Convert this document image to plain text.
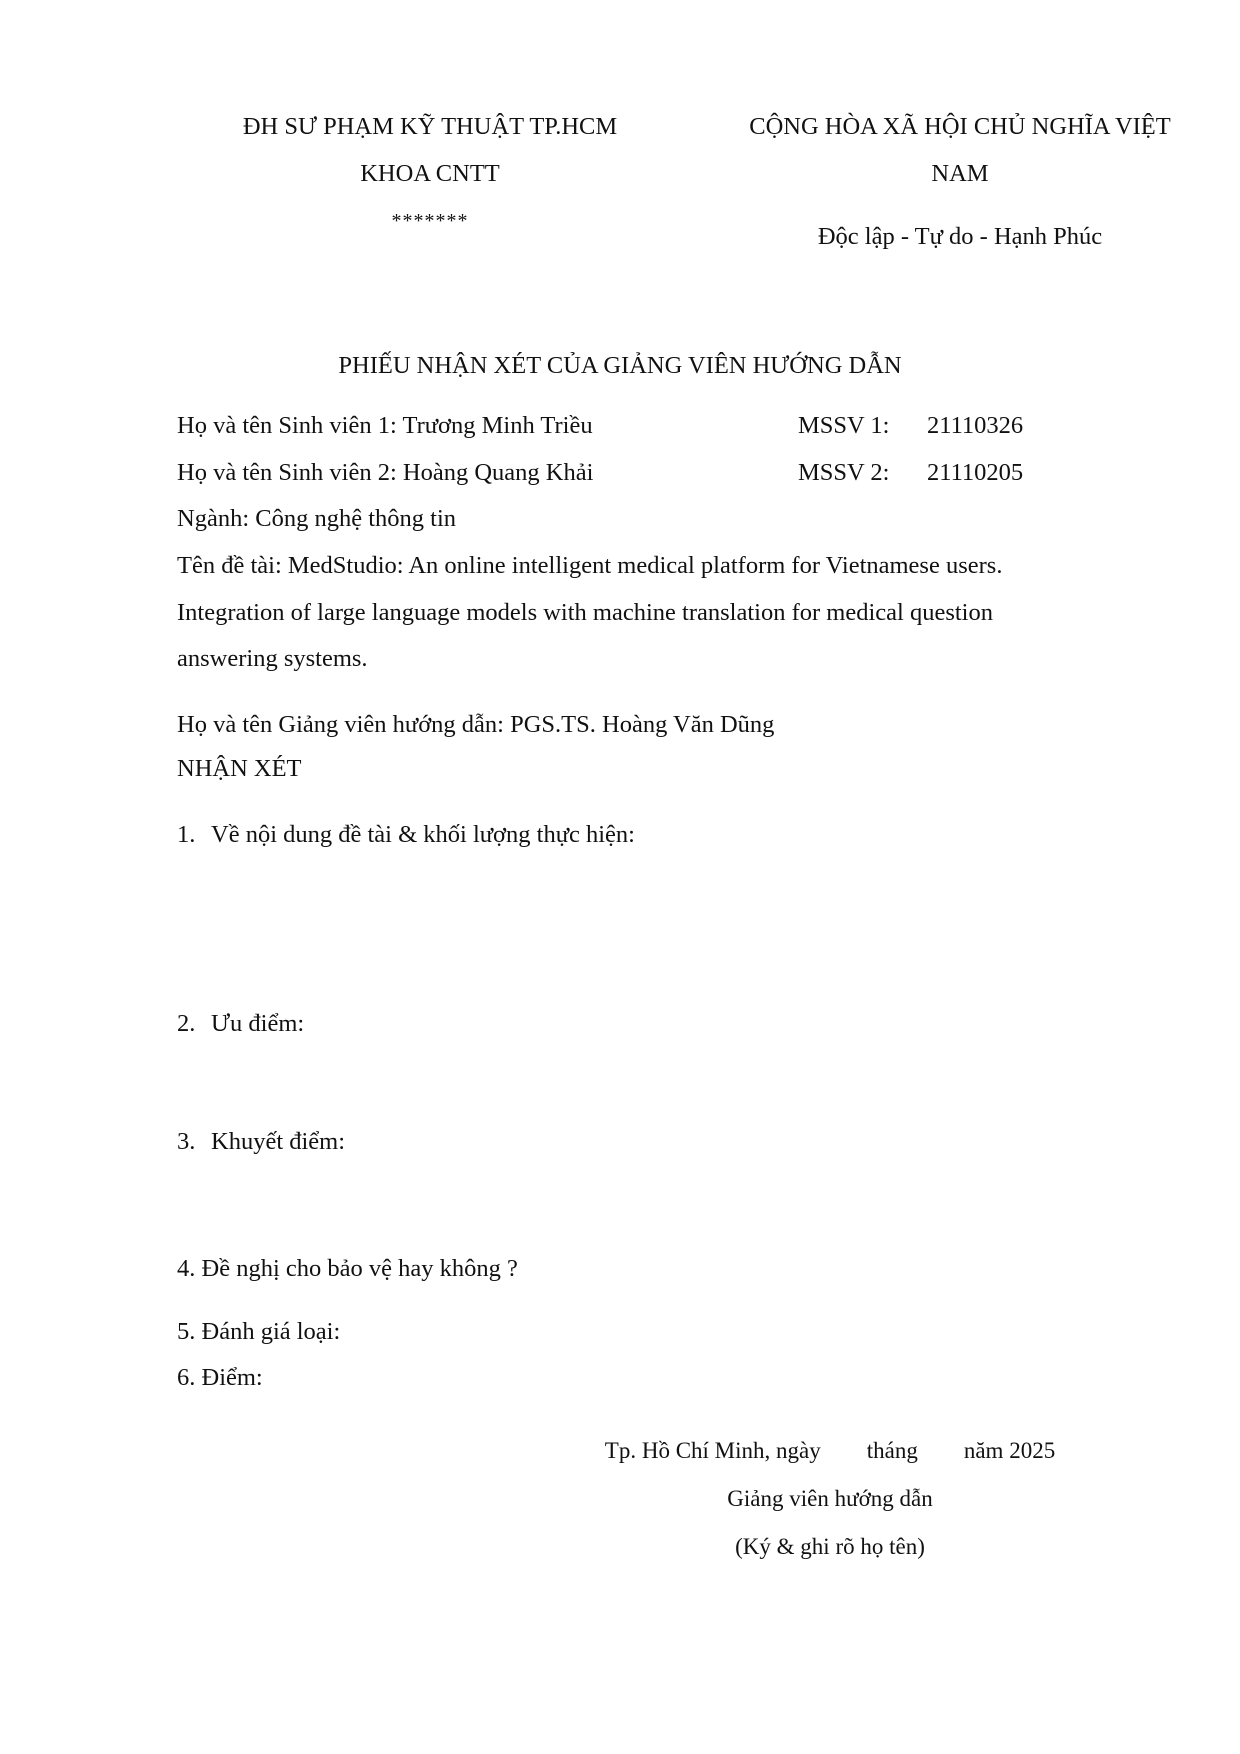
ĐH SƯ PHẠM KỸ THUẬT TP.HCM
KHOA CNTT
*******
CỘNG HÒA XÃ HỘI CHỦ NGHĨA VIỆT
NAM
Độc lập - Tự do - Hạnh Phúc
PHIẾU NHẬN XÉT CỦA GIẢNG VIÊN HƯỚNG DẪN
Họ và tên Sinh viên 1: Trương Minh Triều	MSSV 1: 21110326
Họ và tên Sinh viên 2: Hoàng Quang Khải	MSSV 2: 21110205
Ngành: Công nghệ thông tin
Tên đề tài: MedStudio: An online intelligent medical platform for Vietnamese users.
Integration of large language models with machine translation for medical question
answering systems.
Họ và tên Giảng viên hướng dẫn: PGS.TS. Hoàng Văn Dũng
NHẬN XÉT
1. Về nội dung đề tài & khối lượng thực hiện:
2. Ưu điểm:
3. Khuyết điểm:
4. Đề nghị cho bảo vệ hay không ?
5. Đánh giá loại:
6. Điểm:
Tp. Hồ Chí Minh, ngày tháng năm 2025
Giảng viên hướng dẫn
(Ký & ghi rõ họ tên)
